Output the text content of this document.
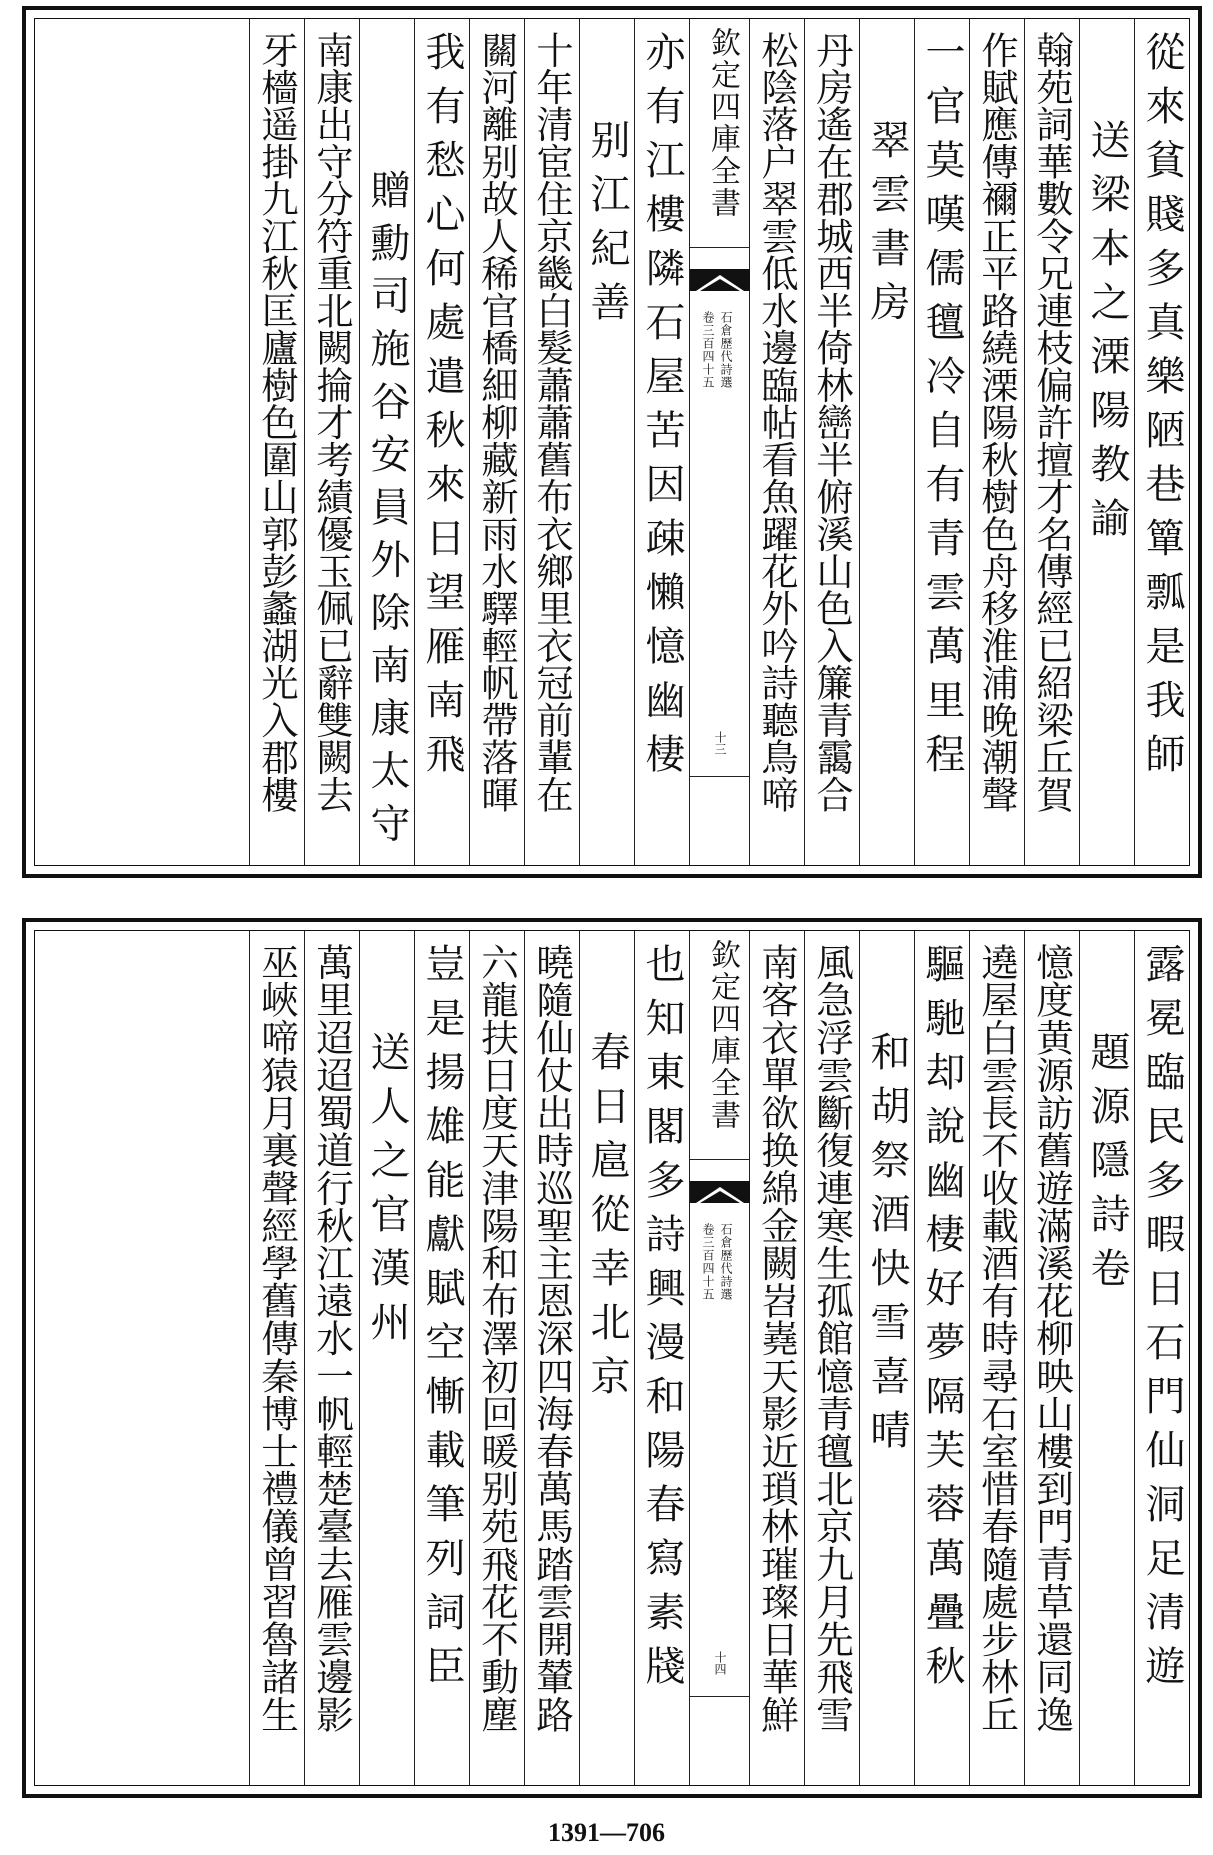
從來貧賤多真樂陋巷簞瓢是我師
送梁本之溧陽教諭
翰苑詞華數令兄連枝偏許擅才名傳經已紹梁丘賀
作賦應傳禰正平路繞溧陽秋樹色舟移淮浦晚潮聲
一官莫嘆儒氊冷自有青雲萬里程
翠雲書房
丹房遙在郡城西半倚林巒半俯溪山色入簾青靄合
松陰落户翠雲低水邊臨帖看魚躍花外吟詩聽鳥啼
欽定四庫全書
石倉歷代詩選
卷三百四十五
十三
亦有江樓隣石屋苦因疎懶憶幽棲
别江紀善
十年清宦住京畿白髮蕭蕭舊布衣鄉里衣冠前輩在
關河離别故人稀官橋細柳藏新雨水驛輕帆帶落暉
我有愁心何處遣秋來日望雁南飛
贈勳司施谷安員外除南康太守
南康出守分符重北闕掄才考績優玉佩已辭雙闕去
牙檣遥掛九江秋匡廬樹色圍山郭彭蠡湖光入郡樓
露冕臨民多暇日石門仙洞足清遊
題源隱詩卷
憶度黄源訪舊遊滿溪花柳映山樓到門青草還同逸
遶屋白雲長不收載酒有時尋石室惜春隨處步林丘
驅馳却說幽棲好夢隔芙蓉萬疊秋
和胡祭酒快雪喜晴
風急浮雲斷復連寒生孤館憶青氊北京九月先飛雪
南客衣單欲换綿金闕岧嶤天影近瑣林璀璨日華鮮
欽定四庫全書
石倉歷代詩選
卷三百四十五
十四
也知東閣多詩興漫和陽春寫素牋
春日扈從幸北京
曉隨仙仗出時巡聖主恩深四海春萬馬踏雲開輦路
六龍扶日度天津陽和布澤初回暖别苑飛花不動塵
豈是揚雄能獻賦空慚載筆列詞臣
送人之官漢州
萬里迢迢蜀道行秋江遠水一帆輕楚臺去雁雲邊影
巫峽啼猿月裏聲經學舊傳秦博士禮儀曾習魯諸生
1391—706
